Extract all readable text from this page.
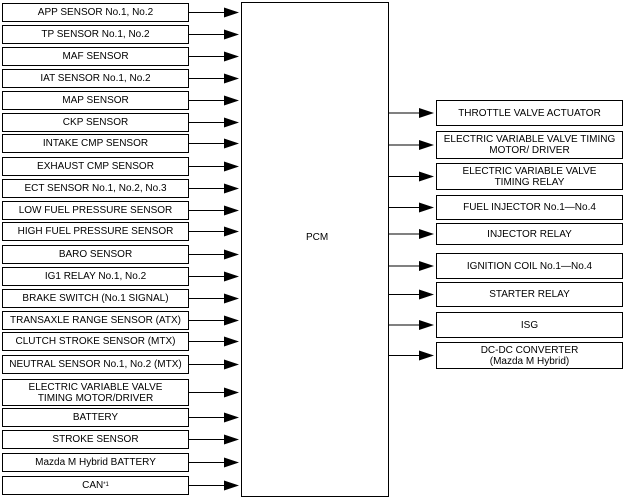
PCM
APP SENSOR No.1, No.2
TP SENSOR No.1, No.2
MAF SENSOR
IAT SENSOR No.1, No.2
MAP SENSOR
CKP SENSOR
INTAKE CMP SENSOR
EXHAUST CMP SENSOR
ECT SENSOR No.1, No.2, No.3
LOW FUEL PRESSURE SENSOR
HIGH FUEL PRESSURE SENSOR
BARO SENSOR
IG1 RELAY No.1, No.2
BRAKE SWITCH (No.1 SIGNAL)
TRANSAXLE RANGE SENSOR (ATX)
CLUTCH STROKE SENSOR (MTX)
NEUTRAL SENSOR No.1, No.2 (MTX)
ELECTRIC VARIABLE VALVE
TIMING MOTOR/DRIVER
BATTERY
STROKE SENSOR
Mazda M Hybrid BATTERY
CAN *1
THROTTLE VALVE ACTUATOR
ELECTRIC VARIABLE VALVE TIMING
MOTOR/ DRIVER
ELECTRIC VARIABLE VALVE
TIMING RELAY
FUEL INJECTOR No.1—No.4
INJECTOR RELAY
IGNITION COIL No.1—No.4
STARTER RELAY
ISG
DC-DC CONVERTER
(Mazda M Hybrid)
